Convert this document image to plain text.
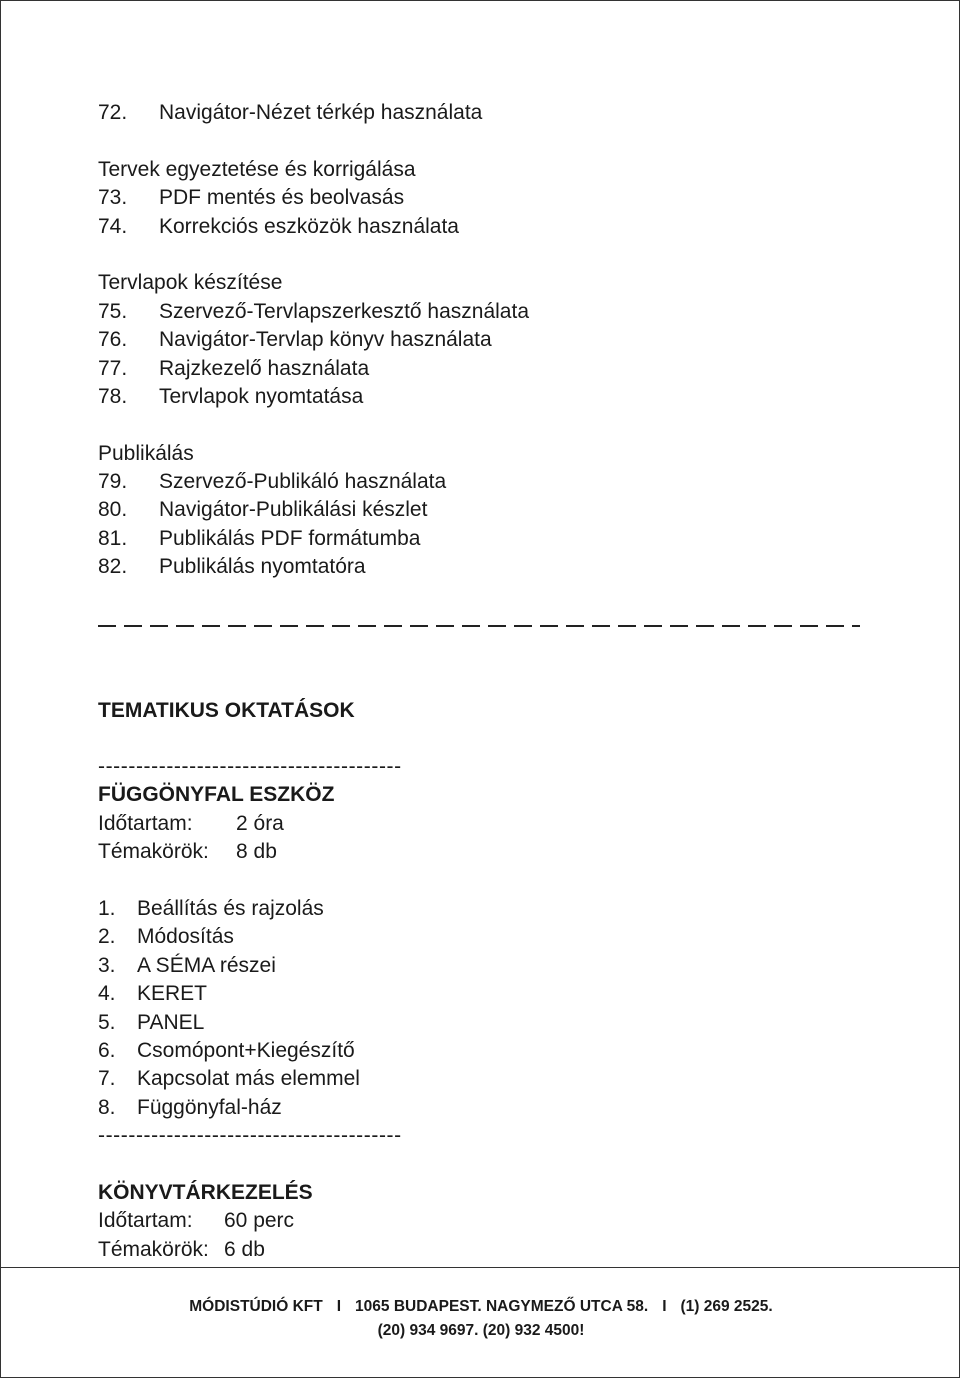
72. Navigátor-Nézet térkép használata
Tervek egyeztetése és korrigálása
73. PDF mentés és beolvasás
74. Korrekciós eszközök használata
Tervlapok készítése
75. Szervező-Tervlapszerkesztő használata
76. Navigátor-Tervlap könyv használata
77. Rajzkezelő használata
78. Tervlapok nyomtatása
Publikálás
79. Szervező-Publikáló használata
80. Navigátor-Publikálási készlet
81. Publikálás PDF formátumba
82. Publikálás nyomtatóra
TEMATIKUS OKTATÁSOK
----------------------------------------
FÜGGÖNYFAL ESZKÖZ
Időtartam: 2 óra
Témakörök: 8 db
1. Beállítás és rajzolás
2. Módosítás
3. A SÉMA részei
4. KERET
5. PANEL
6. Csomópont+Kiegészítő
7. Kapcsolat más elemmel
8. Függönyfal-ház
----------------------------------------
KÖNYVTÁRKEZELÉS
Időtartam: 60 perc
Témakörök: 6 db
MÓDISTÚDIÓ KFT I 1065 BUDAPEST. NAGYMEZŐ UTCA 58. I (1) 269 2525.
(20) 934 9697. (20) 932 4500!
